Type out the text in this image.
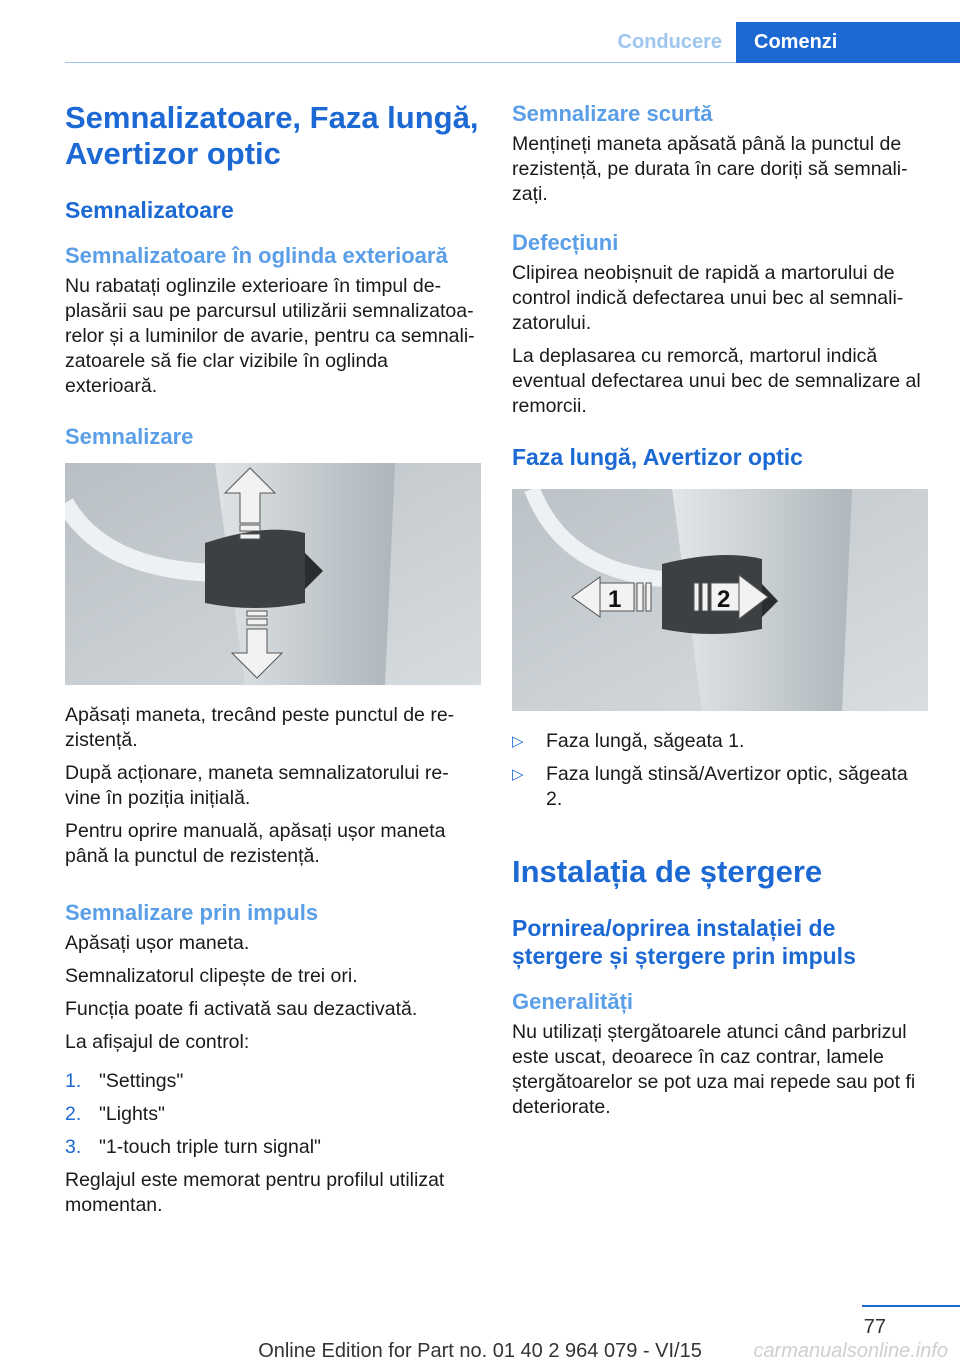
Conducere	Comenzi
Semnalizatoare, Faza lungă, Avertizor optic
Semnalizatoare
Semnalizatoare în oglinda exterioară
Nu rabatați oglinzile exterioare în timpul de‐plasării sau pe parcursul utilizării semnalizatoa‐relor și a luminilor de avarie, pentru ca semnali‐zatoarele să fie clar vizibile în oglinda exterioară.
Semnalizare
Apăsați maneta, trecând peste punctul de re‐zistență.
După acționare, maneta semnalizatorului re‐vine în poziția inițială.
Pentru oprire manuală, apăsați ușor maneta până la punctul de rezistență.
Semnalizare prin impuls
Apăsați ușor maneta.
Semnalizatorul clipește de trei ori.
Funcția poate fi activată sau dezactivată.
La afișajul de control:
1. "Settings"
2. "Lights"
3. "1-touch triple turn signal"
Reglajul este memorat pentru profilul utilizat momentan.
Semnalizare scurtă
Mențineți maneta apăsată până la punctul de rezistență, pe durata în care doriți să semnali‐zați.
Defecțiuni
Clipirea neobișnuit de rapidă a martorului de control indică defectarea unui bec al semnali‐zatorului.
La deplasarea cu remorcă, martorul indică eventual defectarea unui bec de semnalizare al remorcii.
Faza lungă, Avertizor optic
1	2
▷	Faza lungă, săgeata 1.
▷	Faza lungă stinsă/Avertizor optic, săgeata 2.
Instalația de ștergere
Pornirea/oprirea instalației de ștergere și ștergere prin impuls
Generalități
Nu utilizați ștergătoarele atunci când parbrizul este uscat, deoarece în caz contrar, lamele ștergătoarelor se pot uza mai repede sau pot fi deteriorate.
77
Online Edition for Part no. 01 40 2 964 079 - VI/15	carmanualsonline.info
